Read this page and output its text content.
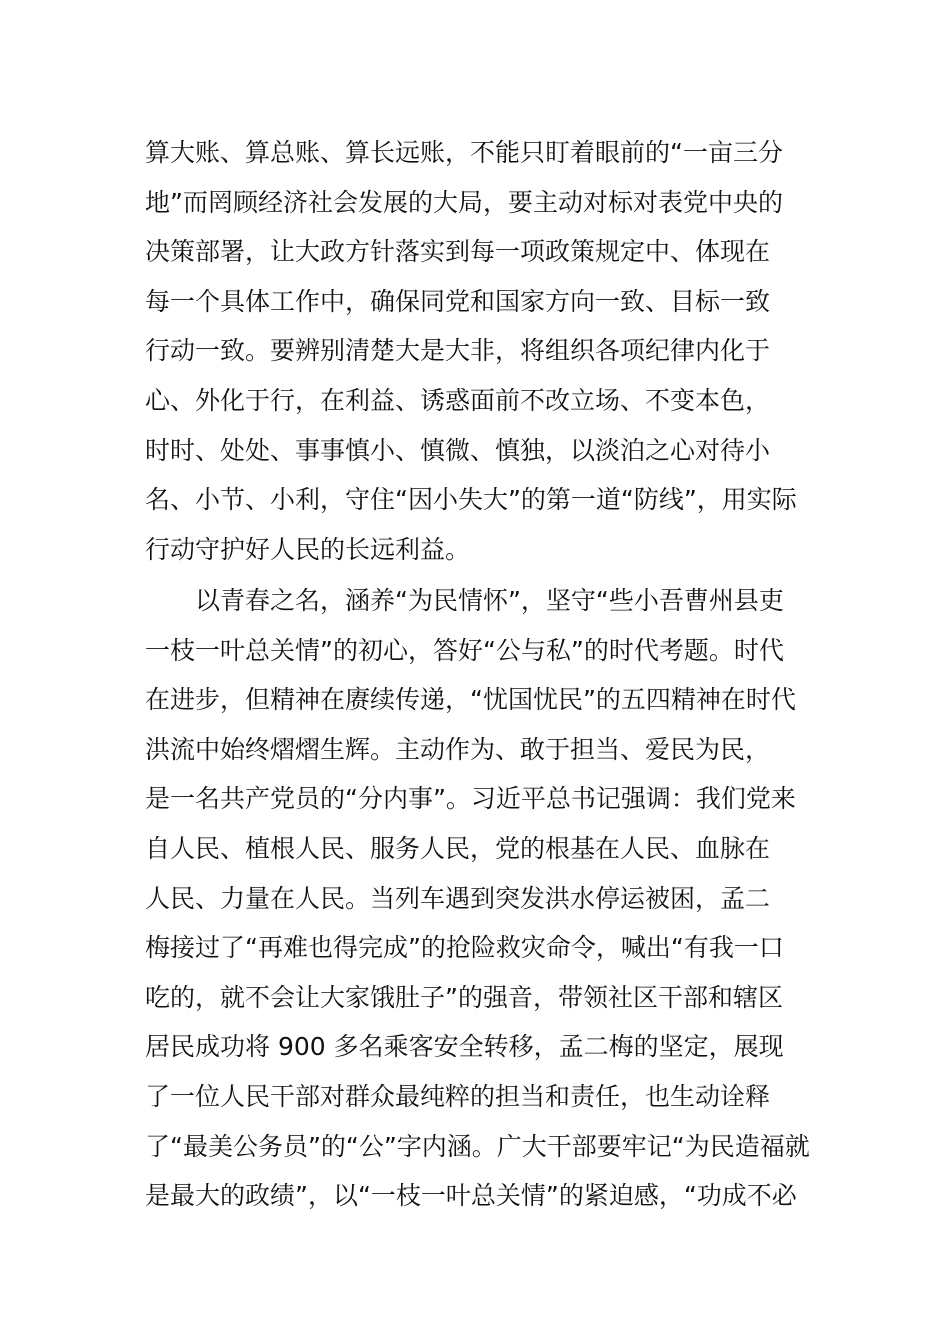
算大账、算总账、算长远账，不能只盯着眼前的“一亩三分
地”而罔顾经济社会发展的大局，要主动对标对表党中央的
决策部署，让大政方针落实到每一项政策规定中、体现在
每一个具体工作中，确保同党和国家方向一致、目标一致
行动一致。要辨别清楚大是大非，将组织各项纪律内化于
心、外化于行，在利益、诱惑面前不改立场、不变本色，
时时、处处、事事慎小、慎微、慎独，以淡泊之心对待小
名、小节、小利，守住“因小失大”的第一道“防线”，用实际
行动守护好人民的长远利益。
　　以青春之名，涵养“为民情怀”，坚守“些小吾曹州县吏
一枝一叶总关情”的初心，答好“公与私”的时代考题。时代
在进步，但精神在赓续传递，“忧国忧民”的五四精神在时代
洪流中始终熠熠生辉。主动作为、敢于担当、爱民为民，
是一名共产党员的“分内事”。习近平总书记强调：我们党来
自人民、植根人民、服务人民，党的根基在人民、血脉在
人民、力量在人民。当列车遇到突发洪水停运被困，孟二
梅接过了“再难也得完成”的抢险救灾命令，喊出“有我一口
吃的，就不会让大家饿肚子”的强音，带领社区干部和辖区
居民成功将 900 多名乘客安全转移，孟二梅的坚定，展现
了一位人民干部对群众最纯粹的担当和责任，也生动诠释
了“最美公务员”的“公”字内涵。广大干部要牢记“为民造福就
是最大的政绩”，以“一枝一叶总关情”的紧迫感，“功成不必
